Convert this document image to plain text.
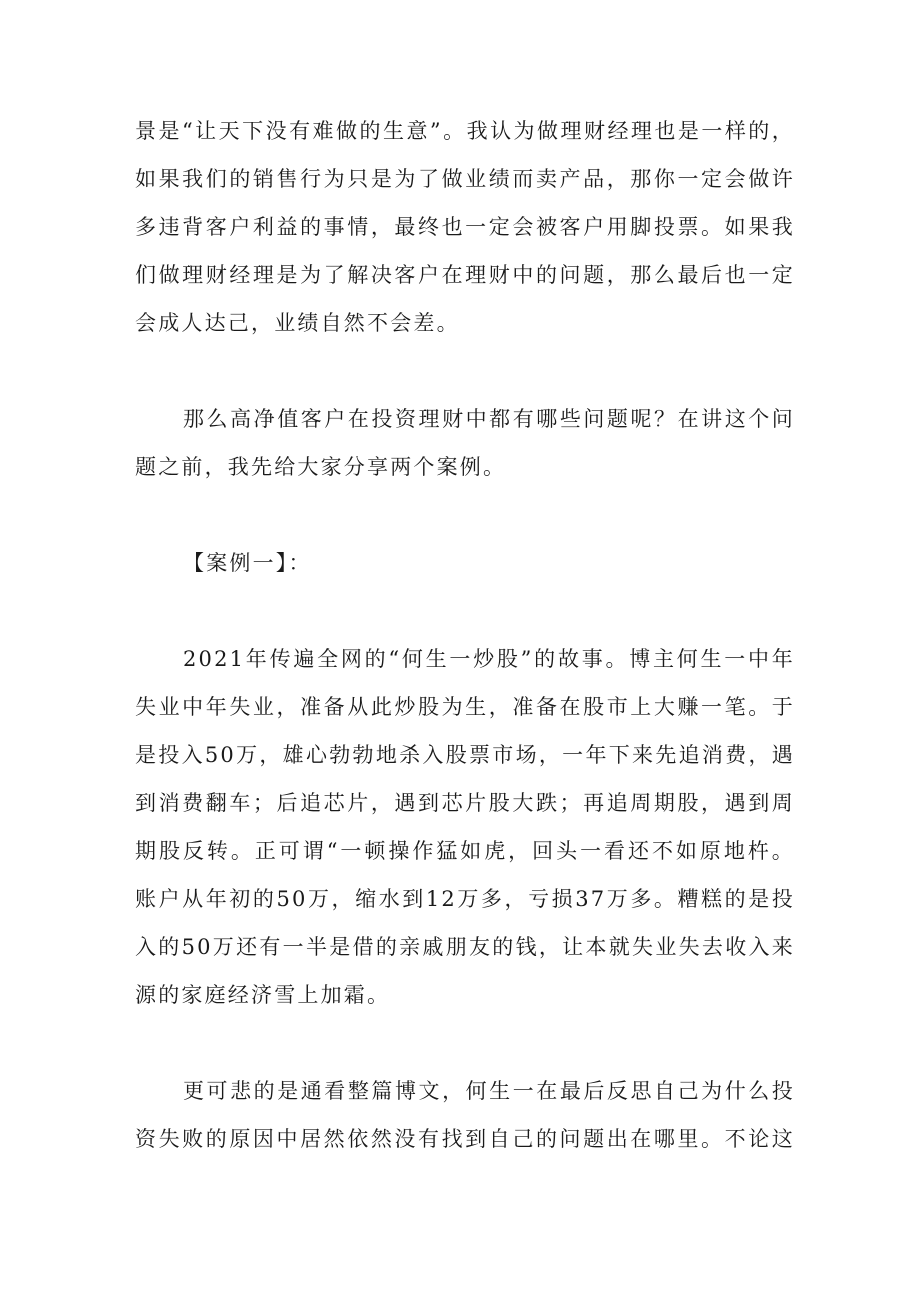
景是“让天下没有难做的生意”。我认为做理财经理也是一样的，
如果我们的销售行为只是为了做业绩而卖产品，那你一定会做许
多违背客户利益的事情，最终也一定会被客户用脚投票。如果我
们做理财经理是为了解决客户在理财中的问题，那么最后也一定
会成人达己，业绩自然不会差。
那么高净值客户在投资理财中都有哪些问题呢？在讲这个问
题之前，我先给大家分享两个案例。
【案例一】：
2021年传遍全网的“何生一炒股”的故事。博主何生一中年
失业中年失业，准备从此炒股为生，准备在股市上大赚一笔。于
是投入50万，雄心勃勃地杀入股票市场，一年下来先追消费，遇
到消费翻车；后追芯片，遇到芯片股大跌；再追周期股，遇到周
期股反转。正可谓“一顿操作猛如虎，回头一看还不如原地杵。
账户从年初的50万，缩水到12万多，亏损37万多。糟糕的是投
入的50万还有一半是借的亲戚朋友的钱，让本就失业失去收入来
源的家庭经济雪上加霜。
更可悲的是通看整篇博文，何生一在最后反思自己为什么投
资失败的原因中居然依然没有找到自己的问题出在哪里。不论这
